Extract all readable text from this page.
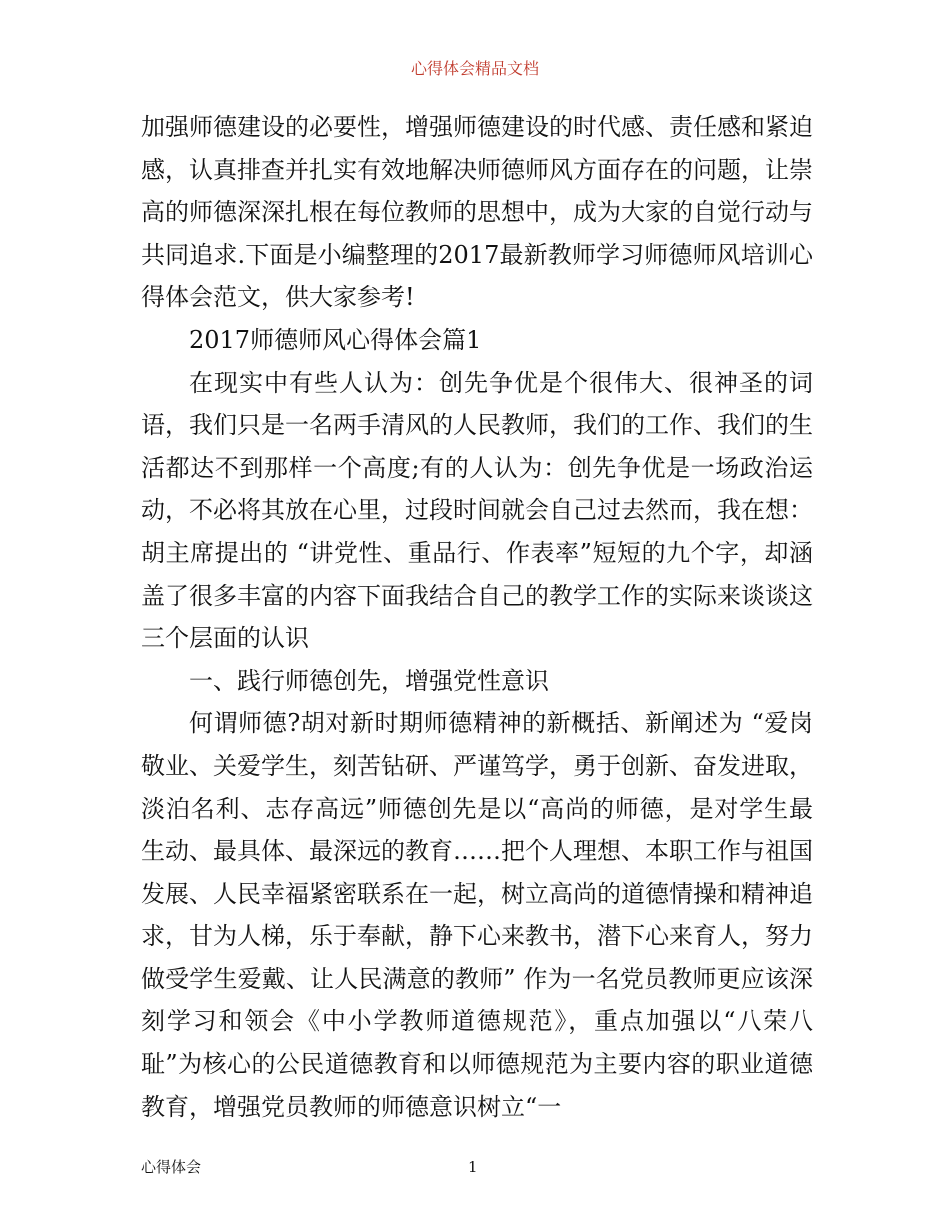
心得体会精品文档

加强师德建设的必要性，增强师德建设的时代感、责任感和紧迫感，认真排查并扎实有效地解决师德师风方面存在的问题，让崇高的师德深深扎根在每位教师的思想中，成为大家的自觉行动与共同追求.下面是小编整理的2017最新教师学习师德师风培训心得体会范文，供大家参考!

2017师德师风心得体会篇1

在现实中有些人认为：创先争优是个很伟大、很神圣的词语，我们只是一名两手清风的人民教师，我们的工作、我们的生活都达不到那样一个高度;有的人认为：创先争优是一场政治运动，不必将其放在心里，过段时间就会自己过去然而，我在想：胡主席提出的 “讲党性、重品行、作表率”短短的九个字，却涵盖了很多丰富的内容下面我结合自己的教学工作的实际来谈谈这三个层面的认识

一、践行师德创先，增强党性意识

何谓师德?胡对新时期师德精神的新概括、新阐述为 “爱岗敬业、关爱学生，刻苦钻研、严谨笃学，勇于创新、奋发进取，淡泊名利、志存高远”师德创先是以“高尚的师德，是对学生最生动、最具体、最深远的教育……把个人理想、本职工作与祖国发展、人民幸福紧密联系在一起，树立高尚的道德情操和精神追求，甘为人梯，乐于奉献，静下心来教书，潜下心来育人，努力做受学生爱戴、让人民满意的教师” 作为一名党员教师更应该深刻学习和领会《中小学教师道德规范》，重点加强以“八荣八耻”为核心的公民道德教育和以师德规范为主要内容的职业道德教育，增强党员教师的师德意识树立“一

心得体会	1
